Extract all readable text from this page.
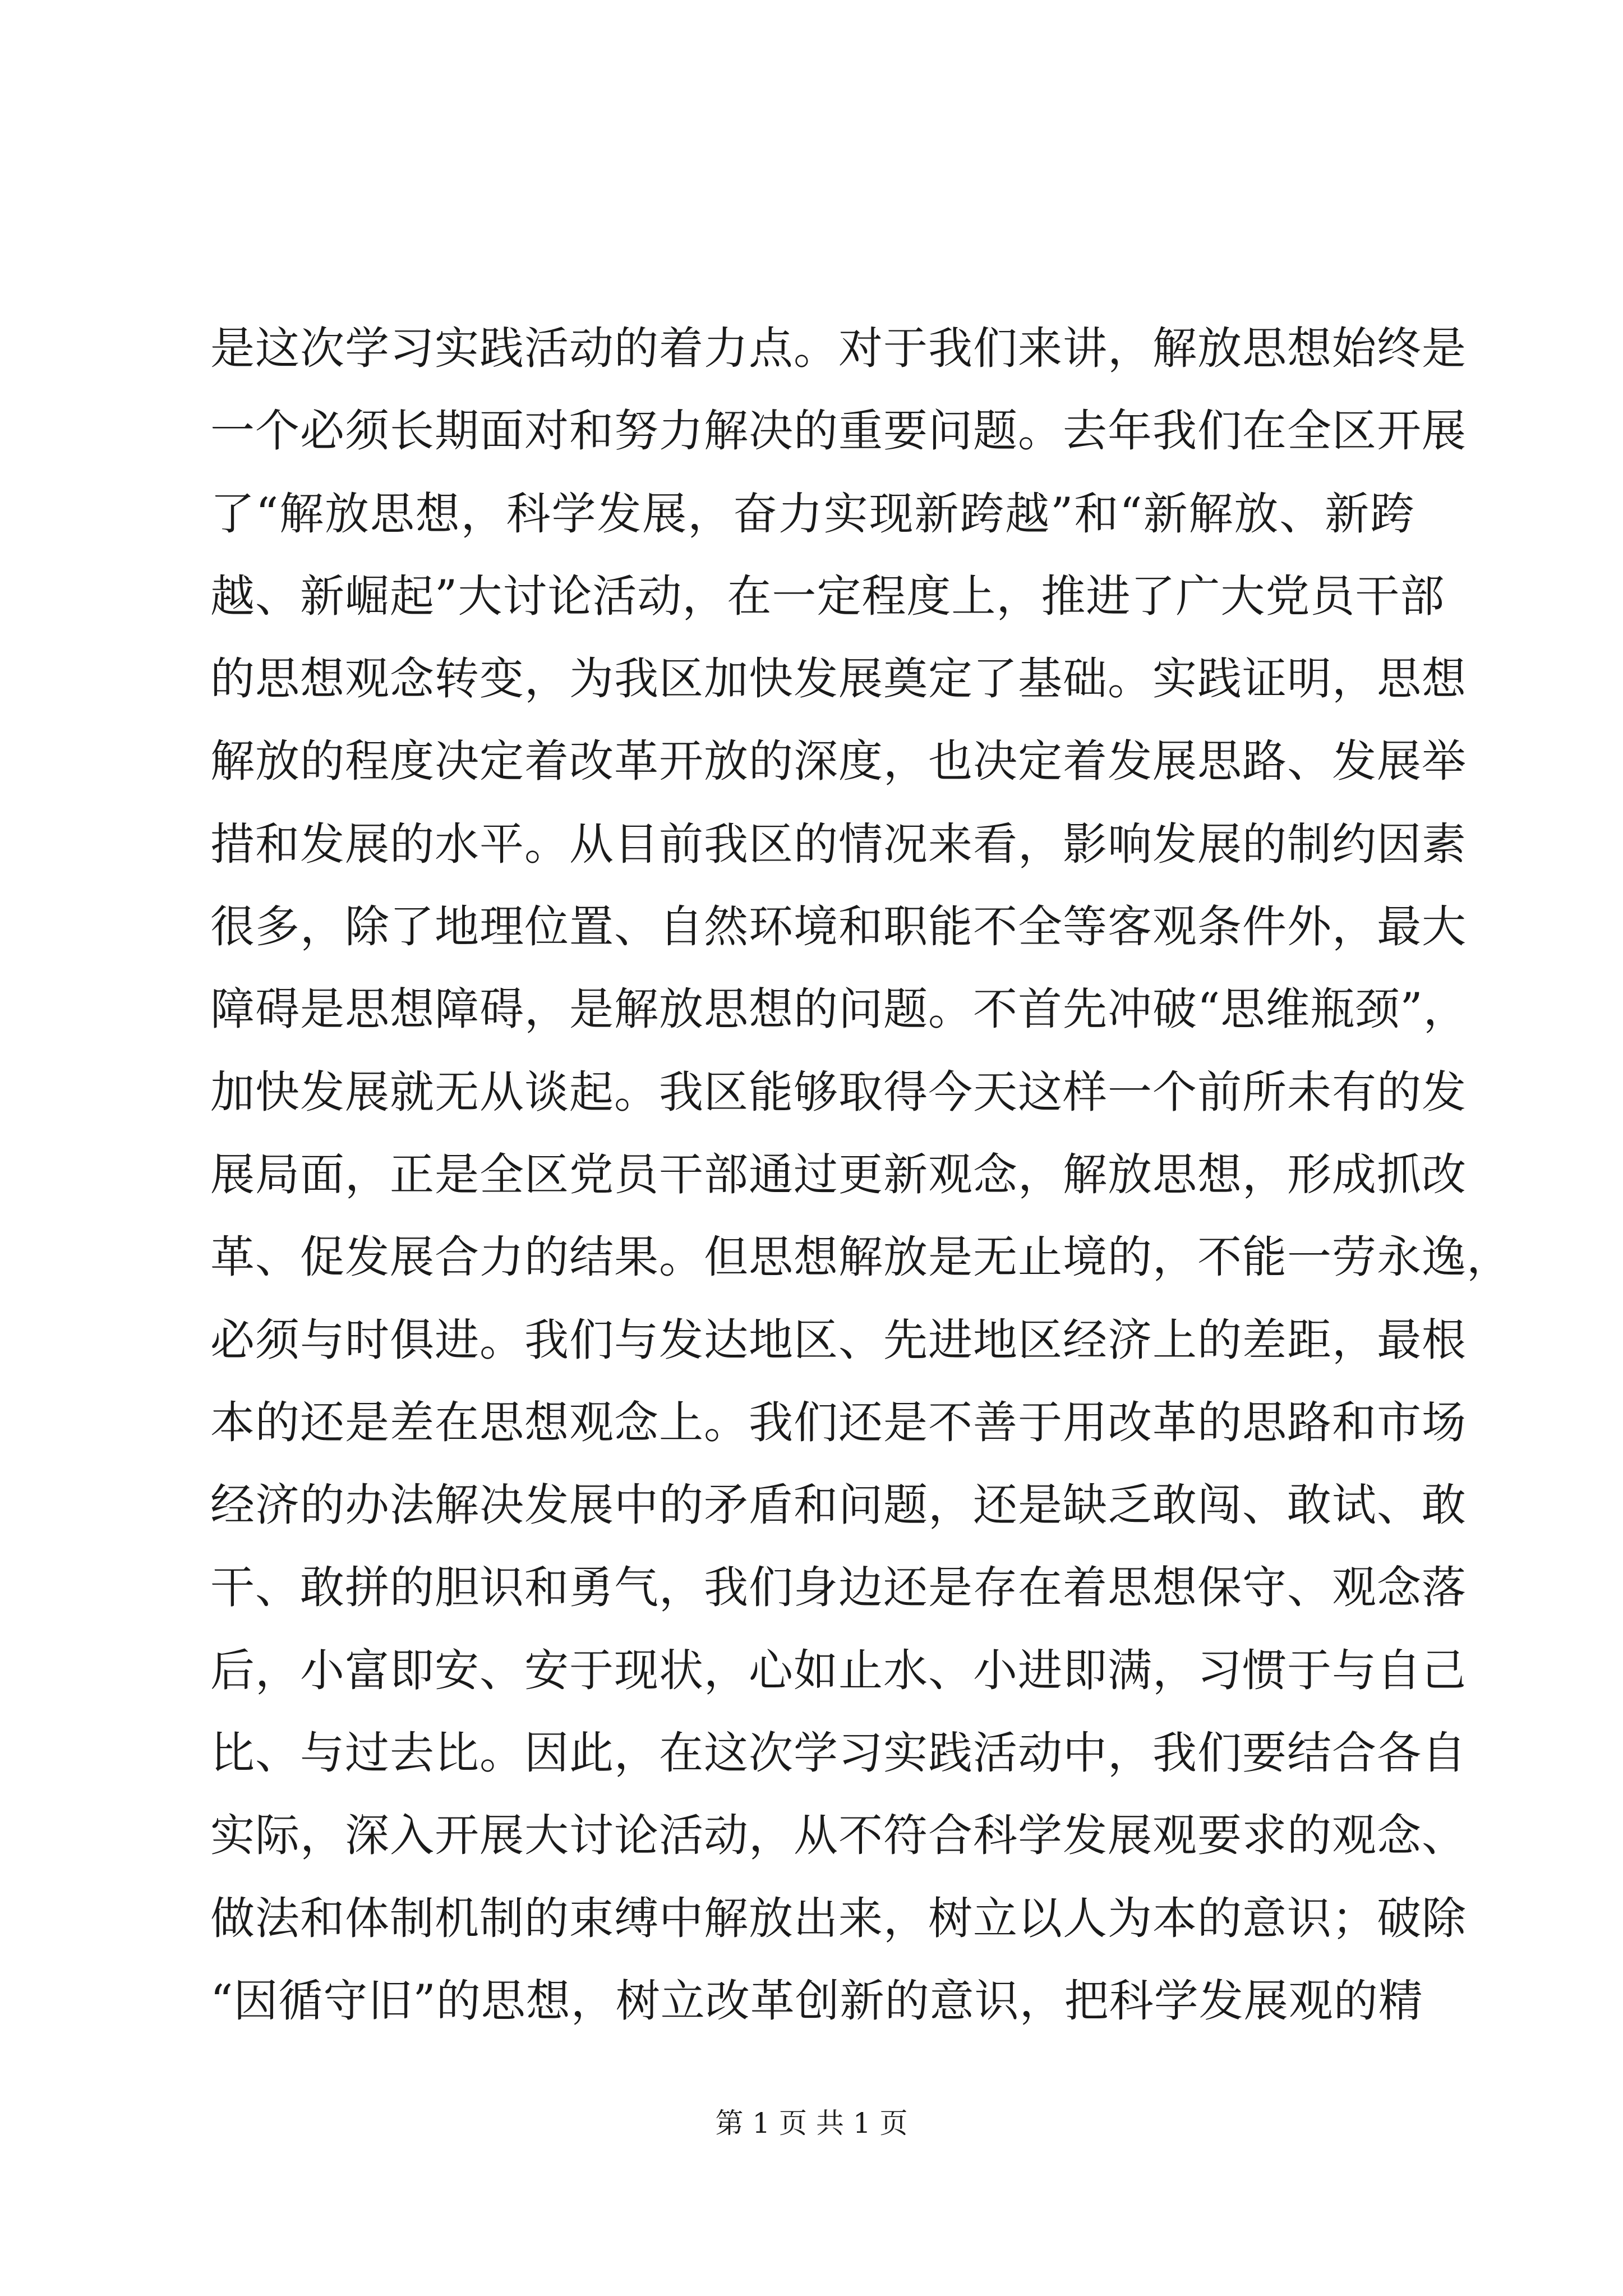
是这次学习实践活动的着力点。对于我们来讲，解放思想始终是
一个必须长期面对和努力解决的重要问题。去年我们在全区开展
了“解放思想，科学发展，奋力实现新跨越”和“新解放、新跨
越、新崛起”大讨论活动，在一定程度上，推进了广大党员干部
的思想观念转变，为我区加快发展奠定了基础。实践证明，思想
解放的程度决定着改革开放的深度，也决定着发展思路、发展举
措和发展的水平。从目前我区的情况来看，影响发展的制约因素
很多，除了地理位置、自然环境和职能不全等客观条件外，最大
障碍是思想障碍，是解放思想的问题。不首先冲破“思维瓶颈”，
加快发展就无从谈起。我区能够取得今天这样一个前所未有的发
展局面，正是全区党员干部通过更新观念，解放思想，形成抓改
革、促发展合力的结果。但思想解放是无止境的，不能一劳永逸，
必须与时俱进。我们与发达地区、先进地区经济上的差距，最根
本的还是差在思想观念上。我们还是不善于用改革的思路和市场
经济的办法解决发展中的矛盾和问题，还是缺乏敢闯、敢试、敢
干、敢拼的胆识和勇气，我们身边还是存在着思想保守、观念落
后，小富即安、安于现状，心如止水、小进即满，习惯于与自己
比、与过去比。因此，在这次学习实践活动中，我们要结合各自
实际，深入开展大讨论活动，从不符合科学发展观要求的观念、
做法和体制机制的束缚中解放出来，树立以人为本的意识；破除
“因循守旧”的思想，树立改革创新的意识，把科学发展观的精
第 1 页 共 1 页
